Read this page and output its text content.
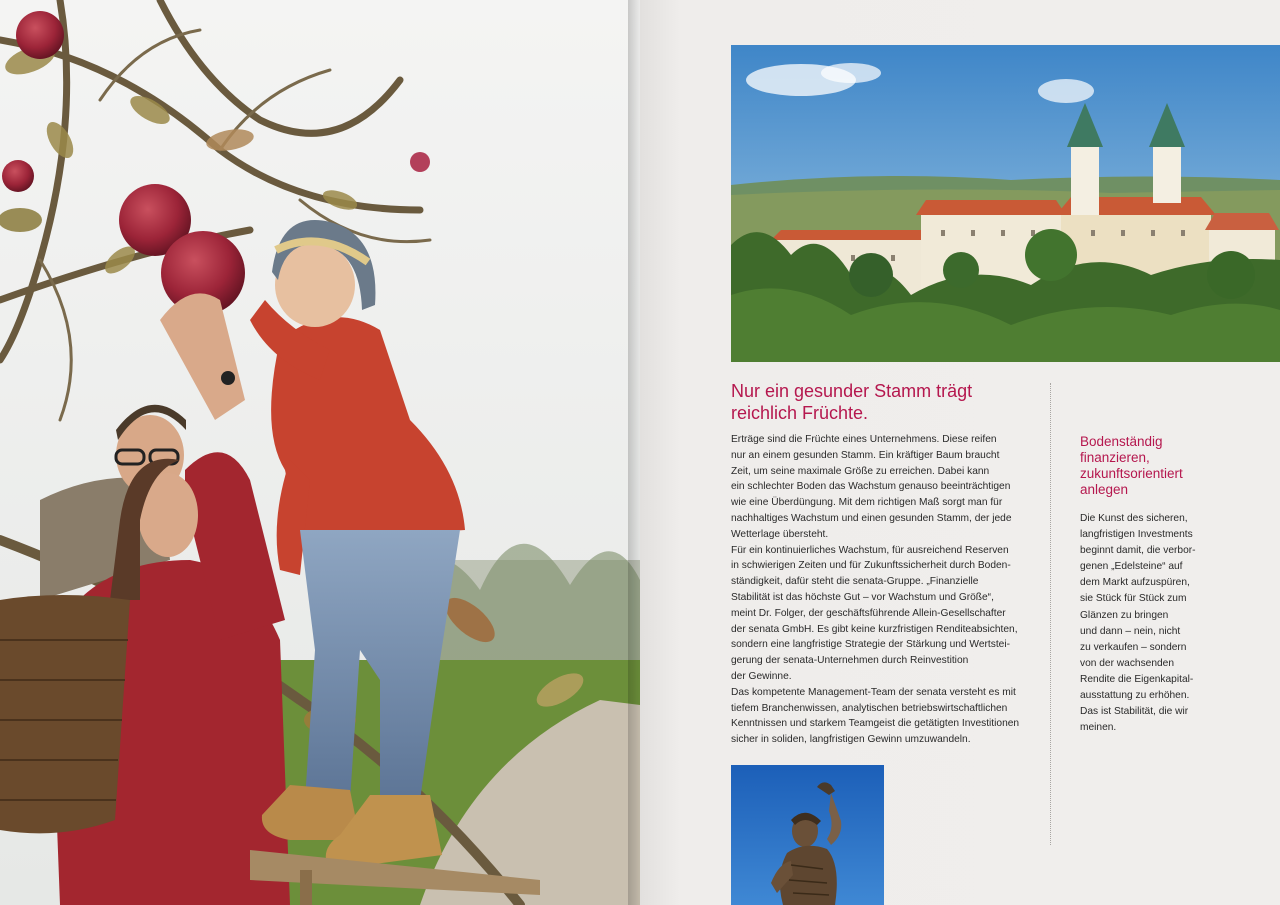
Nur ein gesunder Stamm trägt reichlich Früchte.

Erträge sind die Früchte eines Unternehmens. Diese reifen

nur an einem gesunden Stamm. Ein kräftiger Baum braucht

Zeit, um seine maximale Größe zu erreichen. Dabei kann

ein schlechter Boden das Wachstum genauso beeinträchtigen

wie eine Überdüngung. Mit dem richtigen Maß sorgt man für

nachhaltiges Wachstum und einen gesunden Stamm, der jede

Wetterlage übersteht.

Für ein kontinuierliches Wachstum, für ausreichend Reserven

in schwierigen Zeiten und für Zukunftssicherheit durch Boden-

ständigkeit, dafür steht die senata-Gruppe. „Finanzielle

Stabilität ist das höchste Gut – vor Wachstum und Größe“,

meint Dr. Folger, der geschäftsführende Allein-Gesellschafter

der senata GmbH. Es gibt keine kurzfristigen Renditeabsichten,

sondern eine langfristige Strategie der Stärkung und Wertstei-

gerung der senata-Unternehmen durch Reinvestition

der Gewinne.

Das kompetente Management-Team der senata versteht es mit

tiefem Branchenwissen, analytischen betriebswirtschaftlichen

Kenntnissen und starkem Teamgeist die getätigten Investitionen

sicher in soliden, langfristigen Gewinn umzuwandeln.

Bodenständig
finanzieren,
zukunftsorientiert
anlegen

Die Kunst des sicheren,

langfristigen Investments

beginnt damit, die verbor-

genen „Edelsteine“ auf

dem Markt aufzuspüren,

sie Stück für Stück zum

Glänzen zu bringen

und dann – nein, nicht

zu verkaufen – sondern

von der wachsenden

Rendite die Eigenkapital-

ausstattung zu erhöhen.

Das ist Stabilität, die wir

meinen.
